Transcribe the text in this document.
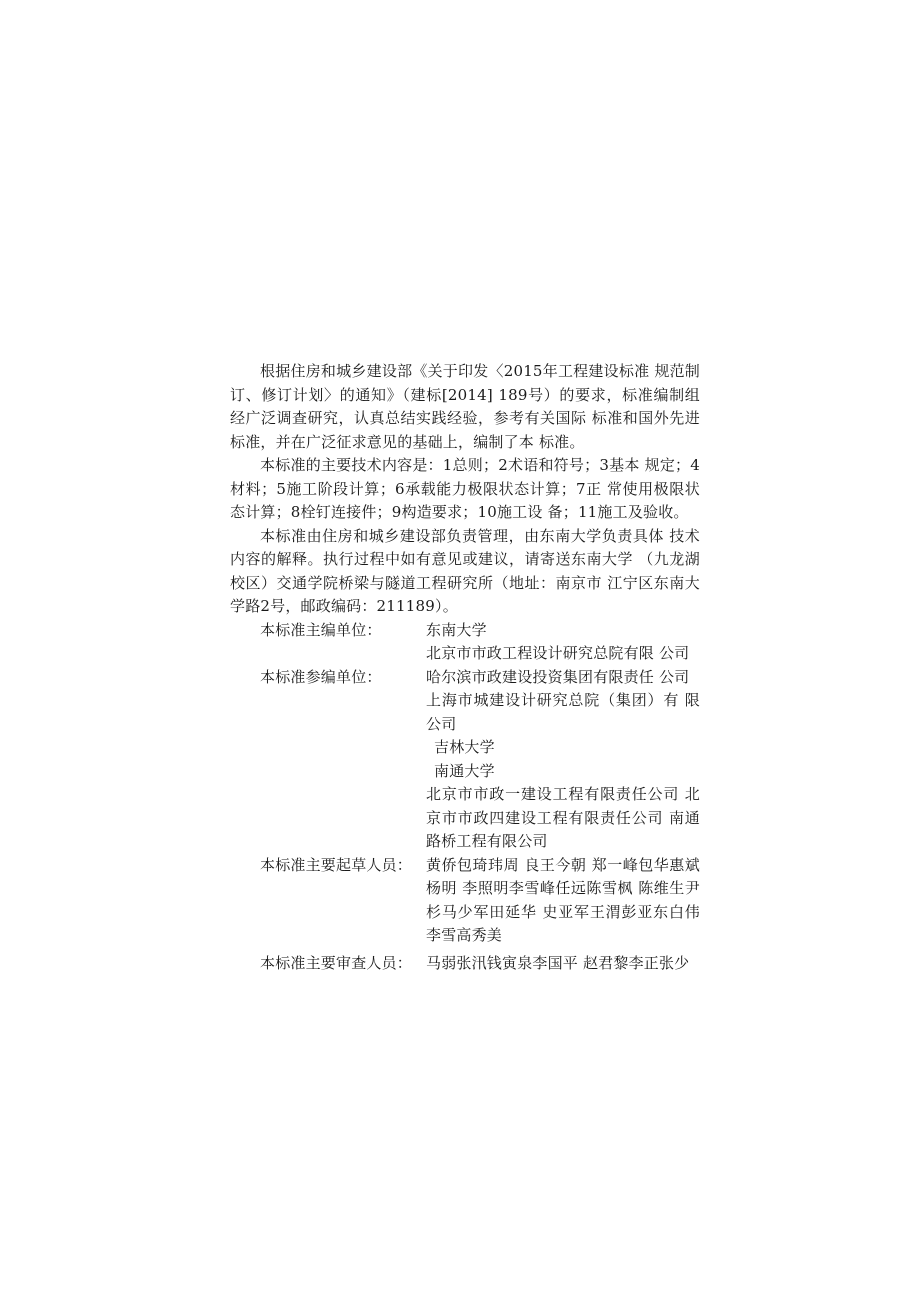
根据住房和城乡建设部《关于印发〈2015年工程建设标准 规范制订、修订计划〉的通知》（建标[2014] 189号）的要求，标准编制组经广泛调查研究，认真总结实践经验，参考有关国际 标准和国外先进标准，并在广泛征求意见的基础上，编制了本 标准。

本标准的主要技术内容是：1总则；2术语和符号；3基本 规定；4材料；5施工阶段计算；6承载能力极限状态计算；7正 常使用极限状态计算；8栓钉连接件；9构造要求；10施工设 备；11施工及验收。

本标准由住房和城乡建设部负责管理，由东南大学负责具体 技术内容的解释。执行过程中如有意见或建议，请寄送东南大学 （九龙湖校区）交通学院桥梁与隧道工程研究所（地址：南京市 江宁区东南大学路2号，邮政编码：211189）。

本标准主编单位：	东南大学
北京市市政工程设计研究总院有限 公司
本标准参编单位：	哈尔滨市政建设投资集团有限责任 公司
上海市城建设计研究总院（集团）有 限公司
吉林大学
南通大学
北京市市政一建设工程有限责任公司 北京市市政四建设工程有限责任公司 南通路桥工程有限公司
本标准主要起草人员： 黄侨包琦玮周 良王今朝 郑一峰包华惠斌杨明 李照明李雪峰任远陈雪枫 陈维生尹杉马少军田延华 史亚军王渭彭亚东白伟 李雪高秀美
本标准主要审查人员： 马弱张汛钱寅泉李国平 赵君黎李正张少
